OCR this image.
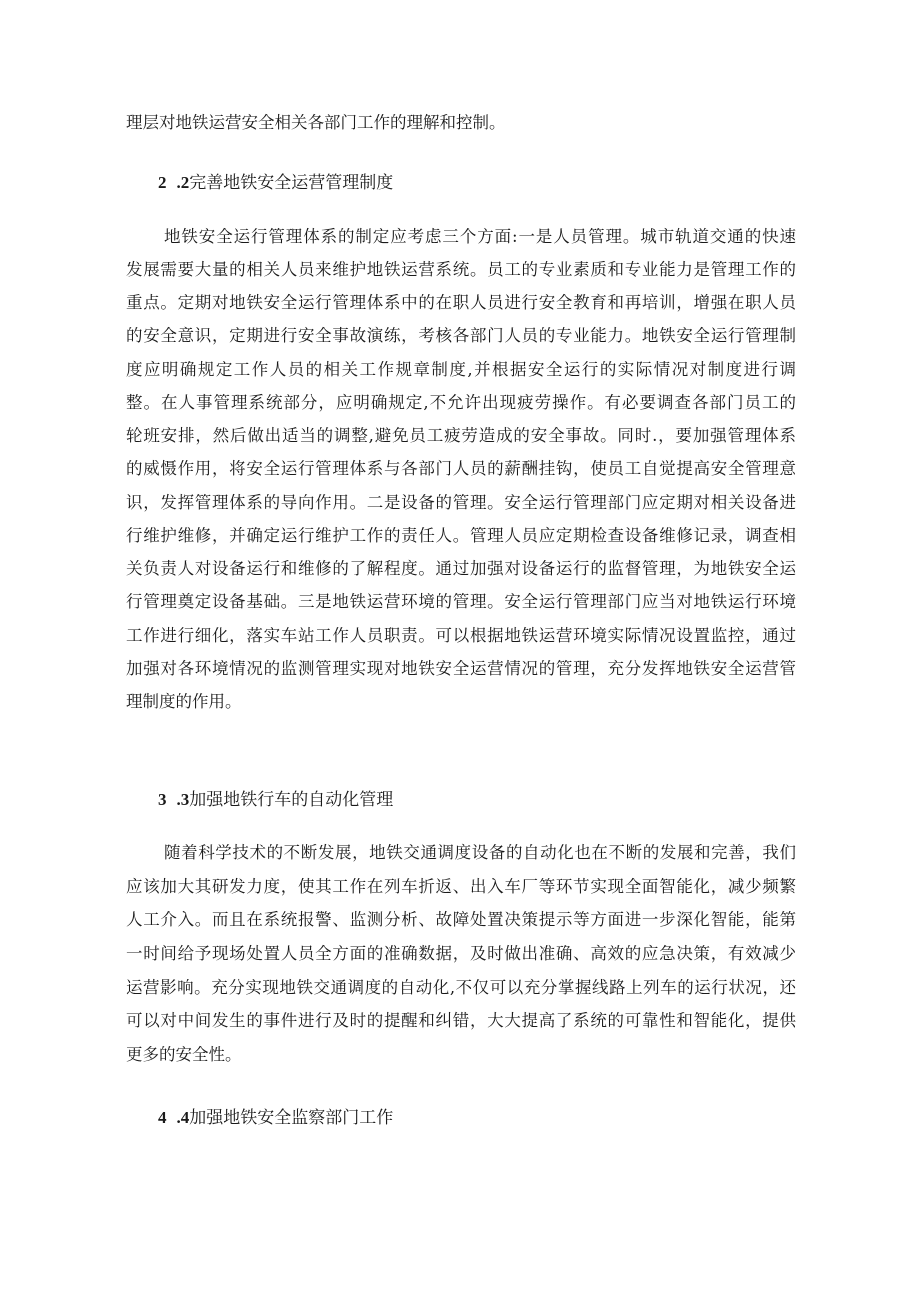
理层对地铁运营安全相关各部门工作的理解和控制。
2 .2完善地铁安全运营管理制度
地铁安全运行管理体系的制定应考虑三个方面:一是人员管理。城市轨道交通的快速
发展需要大量的相关人员来维护地铁运营系统。员工的专业素质和专业能力是管理工作的
重点。定期对地铁安全运行管理体系中的在职人员进行安全教育和再培训，增强在职人员
的安全意识，定期进行安全事故演练，考核各部门人员的专业能力。地铁安全运行管理制
度应明确规定工作人员的相关工作规章制度,并根据安全运行的实际情况对制度进行调
整。在人事管理系统部分，应明确规定,不允许出现疲劳操作。有必要调查各部门员工的
轮班安排，然后做出适当的调整,避免员工疲劳造成的安全事故。同时.，要加强管理体系
的威慑作用，将安全运行管理体系与各部门人员的薪酬挂钩，使员工自觉提高安全管理意
识，发挥管理体系的导向作用。二是设备的管理。安全运行管理部门应定期对相关设备进
行维护维修，并确定运行维护工作的责任人。管理人员应定期检查设备维修记录，调查相
关负责人对设备运行和维修的了解程度。通过加强对设备运行的监督管理，为地铁安全运
行管理奠定设备基础。三是地铁运营环境的管理。安全运行管理部门应当对地铁运行环境
工作进行细化，落实车站工作人员职责。可以根据地铁运营环境实际情况设置监控，通过
加强对各环境情况的监测管理实现对地铁安全运营情况的管理，充分发挥地铁安全运营管
理制度的作用。
3 .3加强地铁行车的自动化管理
随着科学技术的不断发展，地铁交通调度设备的自动化也在不断的发展和完善，我们
应该加大其研发力度，使其工作在列车折返、出入车厂等环节实现全面智能化，减少频繁
人工介入。而且在系统报警、监测分析、故障处置决策提示等方面进一步深化智能，能第
一时间给予现场处置人员全方面的准确数据，及时做出准确、高效的应急决策，有效减少
运营影响。充分实现地铁交通调度的自动化,不仅可以充分掌握线路上列车的运行状况，还
可以对中间发生的事件进行及时的提醒和纠错，大大提高了系统的可靠性和智能化，提供
更多的安全性。
4 .4加强地铁安全监察部门工作
